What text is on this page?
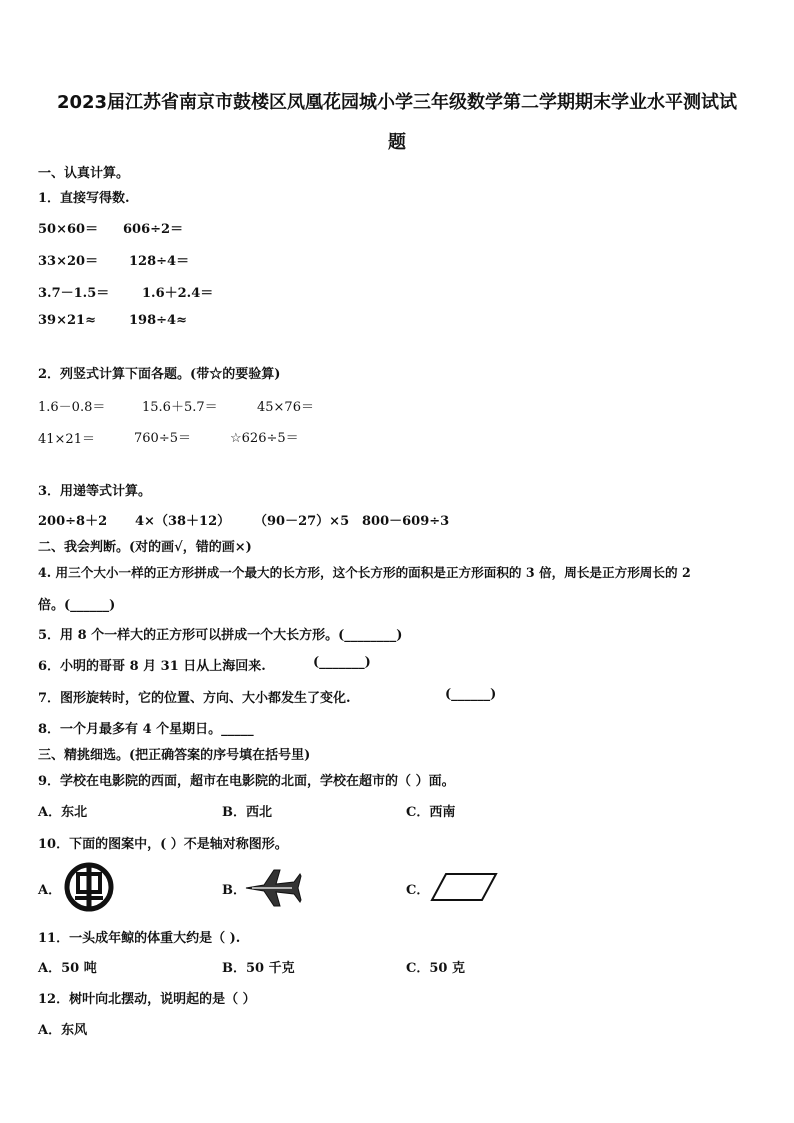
2023届江苏省南京市鼓楼区凤凰花园城小学三年级数学第二学期期末学业水平测试试
题
一、认真计算。
1．直接写得数.
50×60＝ 606÷2＝
33×20＝ 128÷4＝
3.7－1.5＝	1.6＋2.4＝
39×21≈	198÷4≈
2．列竖式计算下面各题。(带☆的要验算)
1.6－0.8＝	15.6＋5.7＝	45×76＝
41×21＝	760÷5＝	☆626÷5＝
3．用递等式计算。
200÷8＋2 4×（38＋12） （90－27）×5 800－609÷3
二、我会判断。(对的画√，错的画×)
4. 用三个大小一样的正方形拼成一个最大的长方形，这个长方形的面积是正方形面积的 3 倍，周长是正方形周长的 2
倍。(______)
5．用 8 个一样大的正方形可以拼成一个大长方形。(________)
6．小明的哥哥 8 月 31 日从上海回来.	(_______)
7．图形旋转时，它的位置、方向、大小都发生了变化.	(______)
8．一个月最多有 4 个星期日。_____
三、精挑细选。(把正确答案的序号填在括号里)
9．学校在电影院的西面，超市在电影院的北面，学校在超市的（ ）面。
A．东北	B．西北	C．西南
10．下面的图案中，( ）不是轴对称图形。
A．	B．	C．
11．一头成年鲸的体重大约是（ ).
A．50 吨	B．50 千克	C．50 克
12．树叶向北摆动，说明起的是（ ）
A．东风
